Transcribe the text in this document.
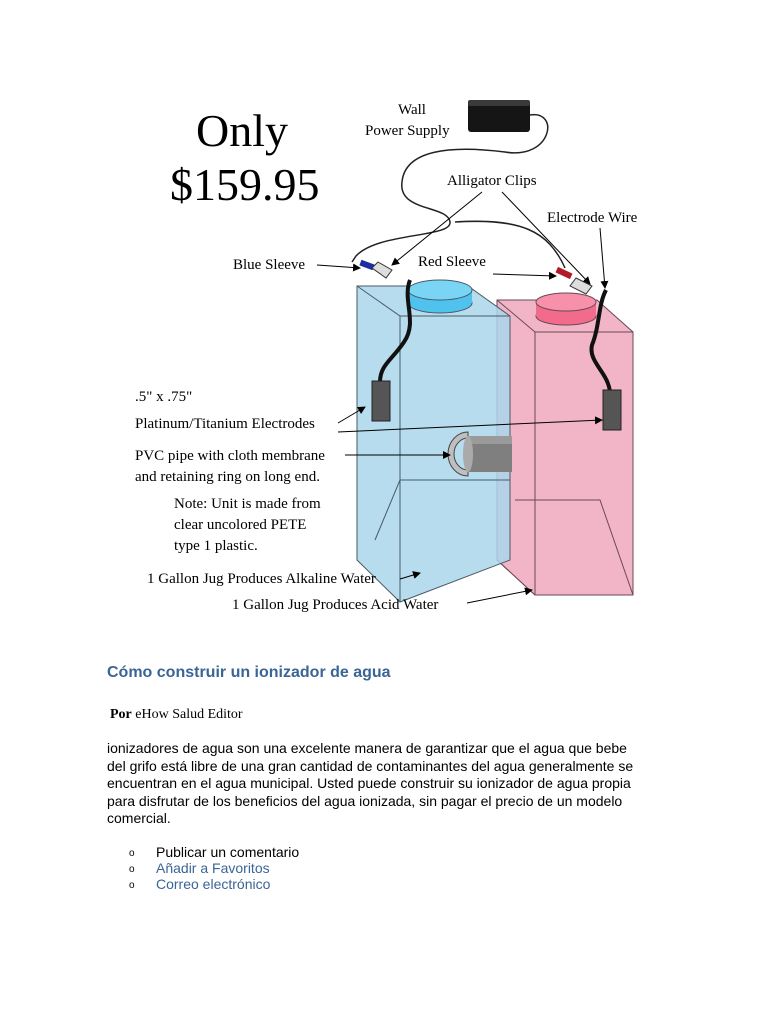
Only
$159.95
Wall
Power Supply
Alligator Clips
Electrode Wire
Blue Sleeve	Red Sleeve
.5" x .75"
Platinum/Titanium Electrodes
PVC pipe with cloth membrane
and retaining ring on long end.
Note: Unit is made from
clear uncolored PETE
type 1 plastic.
1 Gallon Jug Produces Alkaline Water
1 Gallon Jug Produces Acid Water
Cómo construir un ionizador de agua
Por eHow Salud Editor

ionizadores de agua son una excelente manera de garantizar que el agua que bebe del grifo está libre de una gran cantidad de contaminantes del agua generalmente se encuentran en el agua municipal. Usted puede construir su ionizador de agua propia para disfrutar de los beneficios del agua ionizada, sin pagar el precio de un modelo comercial.

o Publicar un comentario
o Añadir a Favoritos
o Correo electrónico
